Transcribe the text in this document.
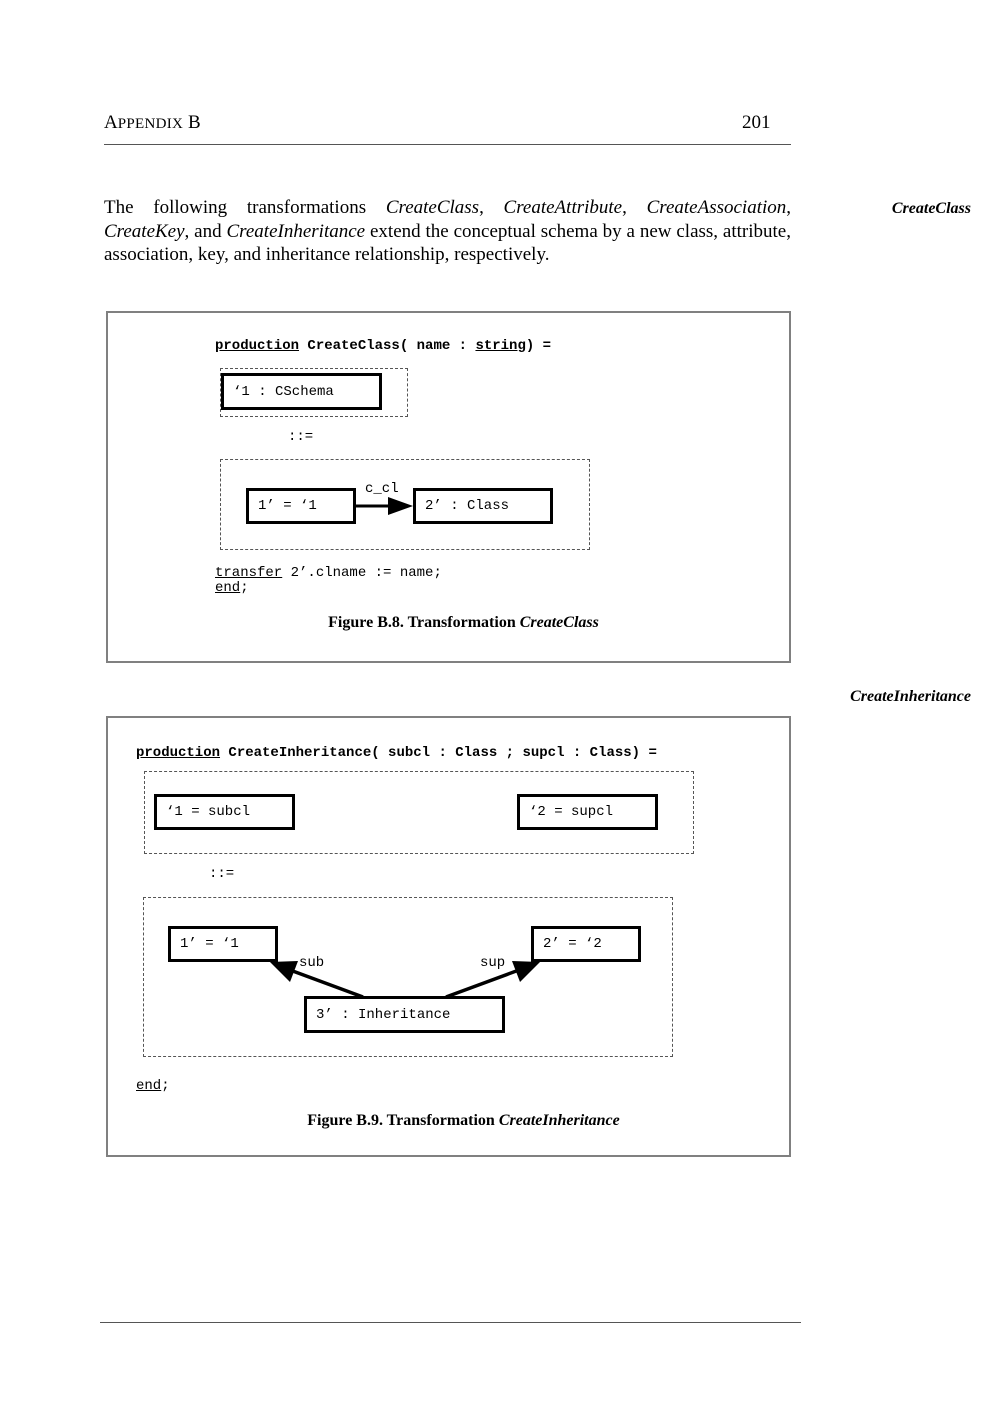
APPENDIX B	201
The following transformations CreateClass, CreateAttribute, CreateAssociation, CreateKey, and CreateInheritance extend the conceptual schema by a new class, attribute, association, key, and inheritance relationship, respectively.
CreateClass
CreateInheritance
production CreateClass( name : string) =
‘1 : CSchema
::=
1’ = ‘1	2’ : Class
c_cl
transfer 2’.clname := name;
end;
Figure B.8. Transformation CreateClass
production CreateInheritance( subcl : Class ; supcl : Class) =
‘1 = subcl	‘2 = supcl
::=
1’ = ‘1	2’ = ‘2
3’ : Inheritance
sub	sup
end;
Figure B.9. Transformation CreateInheritance
